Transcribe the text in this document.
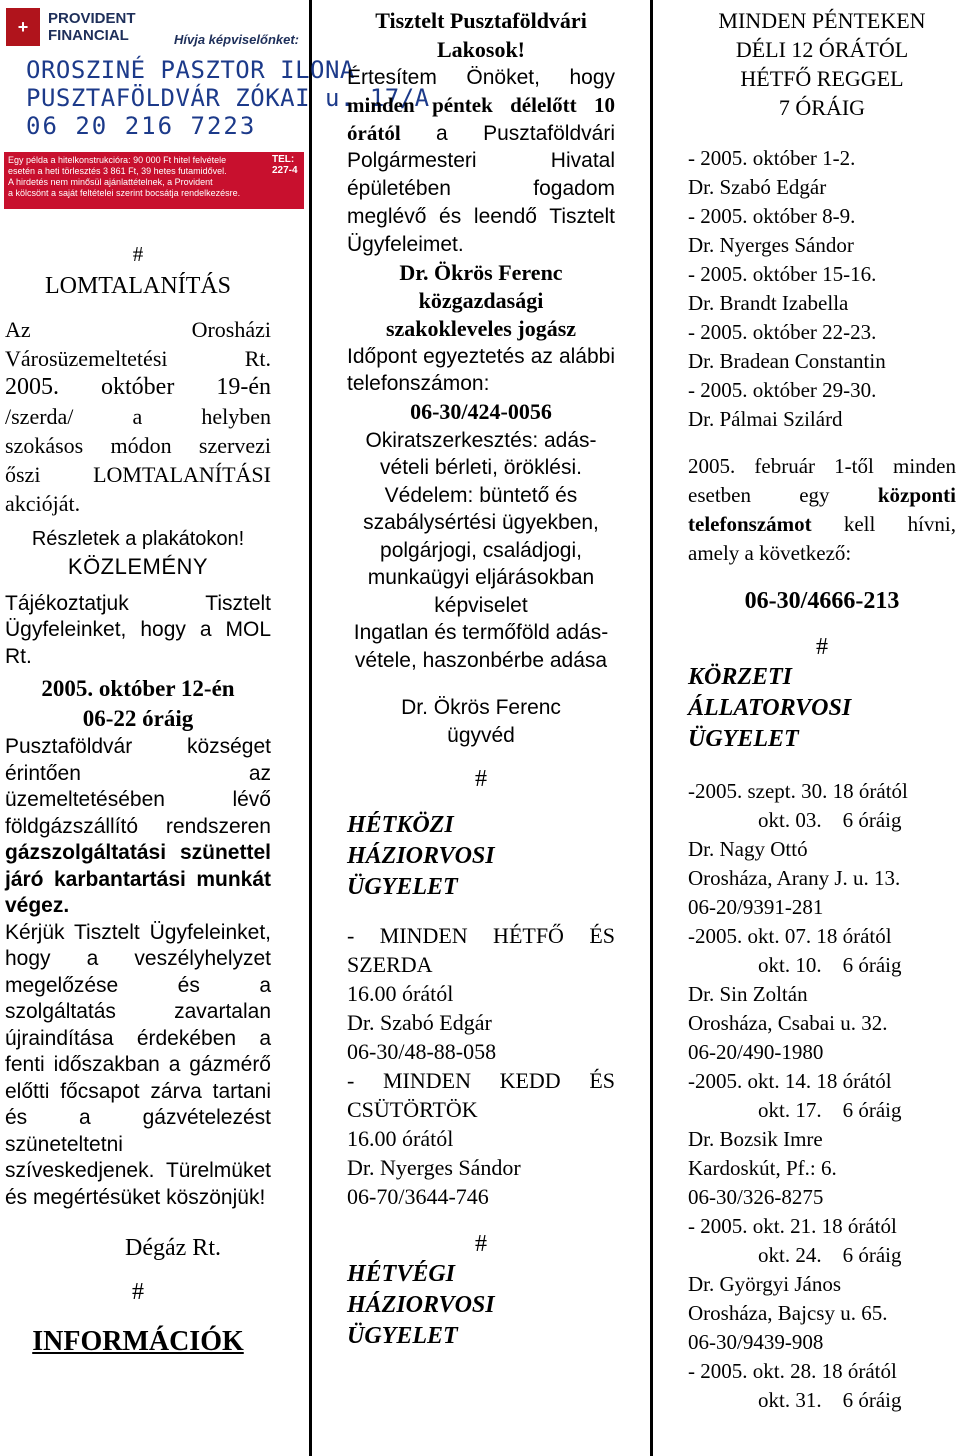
+	PROVIDENT
FINANCIAL	Hívja képviselőnket:
OROSZINÉ PASZTOR ILONA
PUSZTAFÖLDVÁR ZÓKAI u. 17/A
06 20 216 7223
Egy példa a hitelkonstrukcióra: 90 000 Ft hitel felvétele
esetén a heti törlesztés 3 861 Ft, 39 hetes futamidővel.
A hirdetés nem minősül ajánlattételnek, a Provident
a kölcsönt a saját feltételei szerint bocsátja rendelkezésre.
TEL: 227-4

#

LOMTALANÍTÁS

Az	Orosházi
Városüzemeltetési	Rt.

2005. október 19-én

/szerda/ a helyben

szokásos módon szervezi

őszi LOMTALANÍTÁSI

akcióját.

Részletek a plakátokon!

KÖZLEMÉNY

Tájékoztatjuk Tisztelt Ügyfeleinket, hogy a MOL Rt.

2005. október 12-én

06-22 óráig

Pusztaföldvár községet érintően az üzemeltetésében lévő földgázszállító rendszeren gázszolgáltatási szünettel járó karbantartási munkát végez.

Kérjük Tisztelt Ügyfeleinket, hogy a veszélyhelyzet megelőzése és a szolgáltatás zavartalan újraindítása érdekében a fenti időszakban a gázmérő előtti főcsapot zárva tartani és a gázvételezést szüneteltetni szíveskedjenek. Türelmüket és megértésüket köszönjük!

Dégáz Rt.

#

INFORMÁCIÓK

Tisztelt Pusztaföldvári

Lakosok!

Értesítem Önöket, hogy minden péntek délelőtt 10 órától a Pusztaföldvári Polgármesteri Hivatal épületében fogadom meglévő és leendő Tisztelt Ügyfeleimet.

Dr. Ökrös Ferenc

közgazdasági

szakokleveles jogász

Időpont egyeztetés az alábbi telefonszámon:

06-30/424-0056

Okiratszerkesztés: adás-

vételi bérleti, öröklési.

Védelem: büntető és

szabálysértési ügyekben,

polgárjogi, családjogi,

munkaügyi eljárásokban

képviselet

Ingatlan és termőföld adás-

vétele, haszonbérbe adása

Dr. Ökrös Ferenc

ügyvéd

#

HÉTKÖZI

HÁZIORVOSI

ÜGYELET

- MINDEN HÉTFŐ ÉS

SZERDA

16.00 órától

Dr. Szabó Edgár

06-30/48-88-058

- MINDEN KEDD ÉS

CSÜTÖRTÖK

16.00 órától

Dr. Nyerges Sándor

06-70/3644-746

#

HÉTVÉGI

HÁZIORVOSI

ÜGYELET

MINDEN PÉNTEKEN

DÉLI 12 ÓRÁTÓL

HÉTFŐ REGGEL

7 ÓRÁIG

- 2005. október 1-2.

Dr. Szabó Edgár

- 2005. október 8-9.

Dr. Nyerges Sándor

- 2005. október 15-16.

Dr. Brandt Izabella

- 2005. október 22-23.

Dr. Bradean Constantin

- 2005. október 29-30.

Dr. Pálmai Szilárd

2005. február 1-től minden esetben egy központi telefonszámot kell hívni, amely a következő:

06-30/4666-213

#

KÖRZETI

ÁLLATORVOSI

ÜGYELET

-2005. szept. 30. 18 órától

okt. 03.    6 óráig

Dr. Nagy Ottó

Orosháza, Arany J. u. 13.

06-20/9391-281

-2005. okt. 07. 18 órától

okt. 10.    6 óráig

Dr. Sin Zoltán

Orosháza, Csabai u. 32.

06-20/490-1980

-2005. okt. 14. 18 órától

okt. 17.    6 óráig

Dr. Bozsik Imre

Kardoskút, Pf.: 6.

06-30/326-8275

- 2005. okt. 21. 18 órától

okt. 24.    6 óráig

Dr. Györgyi János

Orosháza, Bajcsy u. 65.

06-30/9439-908

- 2005. okt. 28. 18 órától

okt. 31.    6 óráig
